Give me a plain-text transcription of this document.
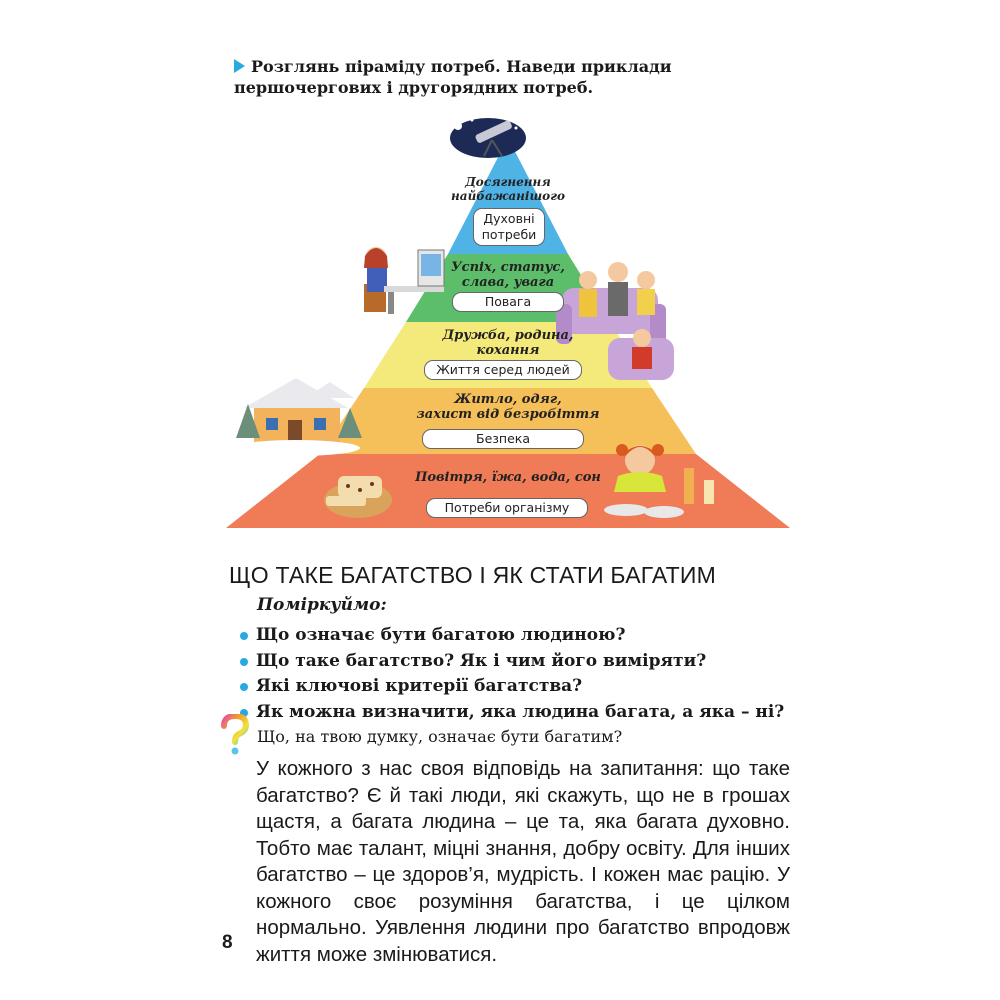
Розглянь піраміду потреб. Наведи приклади першочергових і другорядних потреб.
Досягнення
найбажанішого
Духовні
потреби
Успіх, статус,
слава, увага
Повага
Дружба, родина,
кохання
Життя серед людей
Житло, одяг,
захист від безробіття
Безпека
Повітря, їжа, вода, сон
Потреби організму
ЩО ТАКЕ БАГАТСТВО І ЯК СТАТИ БАГАТИМ
Поміркуймо:
Що означає бути багатою людиною?
Що таке багатство? Як і чим його виміряти?
Які ключові критерії багатства?
Як можна визначити, яка людина багата, а яка – ні?
Що, на твою думку, означає бути багатим?
У кожного з нас своя відповідь на запитання: що таке багатство? Є й такі люди, які скажуть, що не в грошах щастя, а багата людина – це та, яка багата духовно. Тобто має талант, міцні знання, добру освіту. Для інших багатство – це здоров’я, мудрість. І кожен має рацію. У кожного своє розуміння багатства, і це цілком нормально. Уявлення людини про багатство впродовж життя може змінюватися.
8
